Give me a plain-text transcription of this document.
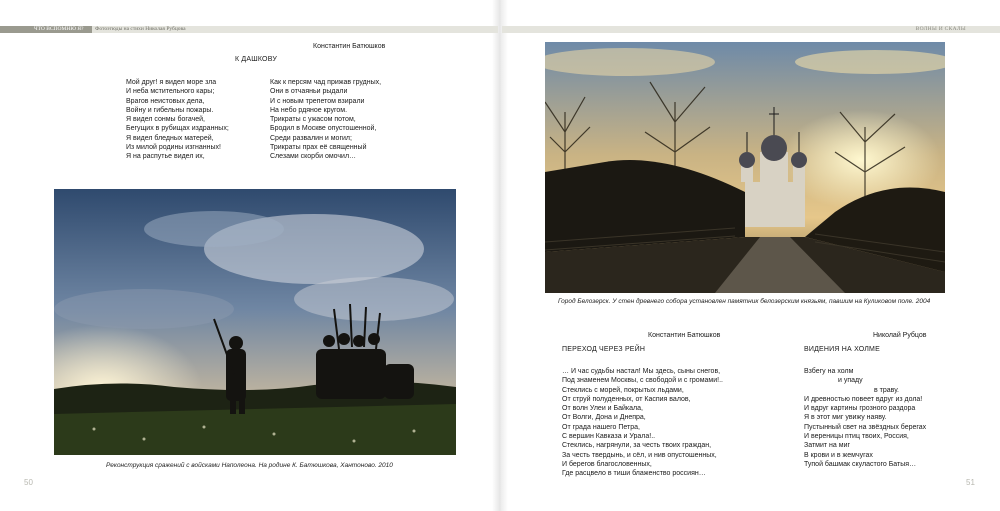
ЧТО ВСПОМНЮ Я?	Фотоэтюды на стихи Николая Рубцова	ВОЛНЫ И СКАЛЫ
Константин Батюшков
К ДАШКОВУ
Мой друг! я видел море зла
И неба мстительного кары;
Врагов неистовых дела,
Войну и гибельны пожары.
Я видел сонмы богачей,
Бегущих в рубищах издранных;
Я видел бледных матерей,
Из милой родины изгнанных!
Я на распутье видел их,
Как к персям чад прижав грудных,
Они в отчаяньи рыдали
И с новым трепетом взирали
На небо рдяное кругом.
Трикраты с ужасом потом,
Бродил в Москве опустошенной,
Среди развалин и могил;
Трикраты прах её священный
Слезами скорби омочил…
Реконструкция сражений с войсками Наполеона. На родине К. Батюшкова, Хантоново. 2010
50
Город Белозерск. У стен древнего собора установлен памятник белозерским князьям, павшим на Куликовом поле. 2004
Константин Батюшков
ПЕРЕХОД ЧЕРЕЗ РЕЙН
… И час судьбы настал! Мы здесь, сыны снегов,
Под знаменем Москвы, с свободой и с громами!..
Стеклись с морей, покрытых льдами,
От струй полуденных, от Каспия валов,
От волн Улеи и Байкала,
От Волги, Дона и Днепра,
От града нашего Петра,
С вершин Кавказа и Урала!..
Стеклись, нагрянули, за честь твоих граждан,
За честь твердынь, и сёл, и нив опустошенных,
И берегов благословенных,
Где расцвело в тиши блаженство россиян…
Николай Рубцов
ВИДЕНИЯ НА ХОЛМЕ
Взбегу на холм
и упаду
в траву.
И древностью повеет вдруг из дола!
И вдруг картины грозного раздора
Я в этот миг увижу наяву.
Пустынный свет на звёздных берегах
И вереницы птиц твоих, Россия,
Затмит на миг
В крови и в жемчугах
Тупой башмак скуластого Батыя…
51
